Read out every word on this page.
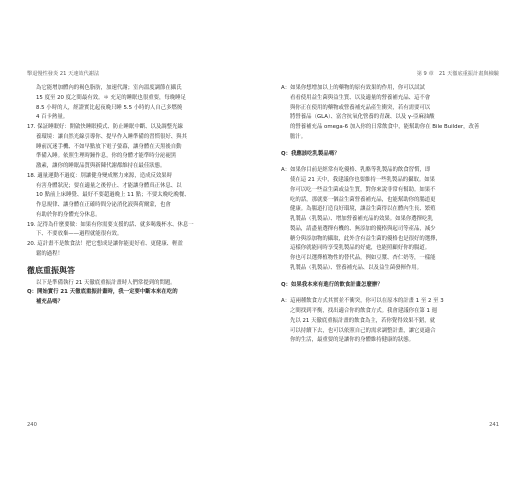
擊退慢性發炎 21 天速效代謝法

為它能增加體內的褐色脂肪，加速代謝；室內溫度調節在攝氏

15 度至 20 度之間最有效。＊ 充足的睡眠也很重要，每晚睡足

8.5 小時的人，經證實比起夜晚只睡 5.5 小時的人自己多燃燒

4 百卡熱量。

17. 保証睡眠好：開啟快睡眠模式、防止睡眠中斷、以及調整光線

養環境：讓自然光線引導你、提早作入睡準備的習慣很好、與其

睡前沉迷手機、不如早點放下電子螢幕，讓身體在天黑後自動

準備入睡。依照生理時鐘作息，你的身體才能準時分泌褪黑

激素，讓你的睡眠品質與新陳代謝都維持在最佳狀態。

18. 適量運動不過度：別讓健身變成壓力來源，造成反效果時

有害身體狀況；要在適量之後停止、才能讓身體真正休息、以

10 點前上床睡覺、最好不要超過晚上 11 點；不要太晚吃晚餐、

作息規律、讓身體在正確時間分泌消化液與荷爾蒙，也會

有助於你的身體充分休息。

19. 記得為什麼要做：如果有你需要支援的話、就多喝幾杯水、休息一

下、不要放棄——過程就能很有效。

20. 這計畫不是飲食法！把它想成是讓你能更好看、更健康、輕盈

鬆的過程！

徹底重振與答

以下是準備執行 21 天徹底重振計畫時人們常提到的問題。

Q：開始實行 21 天徹底重振計畫時，我一定要中斷本來在吃的

補充品嗎？

240
第 9 章　21 天徹底重振計畫與檢驗

A：如果你想增加以上的藥物的原有效果的作用，你可以試試

看看使用益生菌與益生質、以及適量的營養補充品、這不會

與你正在使用的藥物或營養補充品產生衝突，若有需要可以

將營養品（GLA）、富含抗氧化營養的青蔬、以及 γ-亞麻油酸

的營養補充品 omega-6 加入你的日常飲食中，能幫助你在 Bile Builder，改善

膽汁。

Q：我應該吃乳製品嗎？

A：如果你目前是經常有吃優格、乳酪等乳製品的飲食習慣，即

使在這 21 天中，我建議你也要維持一些乳製品的攝取。如果

你可以吃一些益生菌或益生質，對你來說非常有幫助。如果不

吃的話，那就要一個益生菌營養補充品，也能幫助你的腸道更

健康。為腸道打造良好環境，讓益生菌得以在體內生長、繁殖

乳製品（乳製品）、增加營養補充品的效果。如果你選擇吃乳

製品，請盡量選擇有機的、無添加的優格與起司等產品，減少

糖分與添加物的攝取，此外含有益生菌的優格也是很好的選擇，

這樣你就能同時享受乳製品的好處，也能照顧好你的腸道。

你也可以選擇植物性的替代品，例如豆漿、杏仁奶等，一樣能

乳製品（乳製品）、營養補充品、以及益生菌發揮作用。

Q：如果我本來有進行的飲食計畫怎麼辦？

A：這兩種飲食方式其實並不衝突，你可以在原本的計畫 1 至 2 至 3

之間找到平衡，找出適合你的飲食方式。我會建議你在第 1 週

先以 21 天徹底重振計畫的飲食為主，若你覺得效果不錯，就

可以持續下去，也可以依照自己的需求調整計畫，讓它更適合

你的生活，最重要的是讓你的身體維持健康的狀態。

241
